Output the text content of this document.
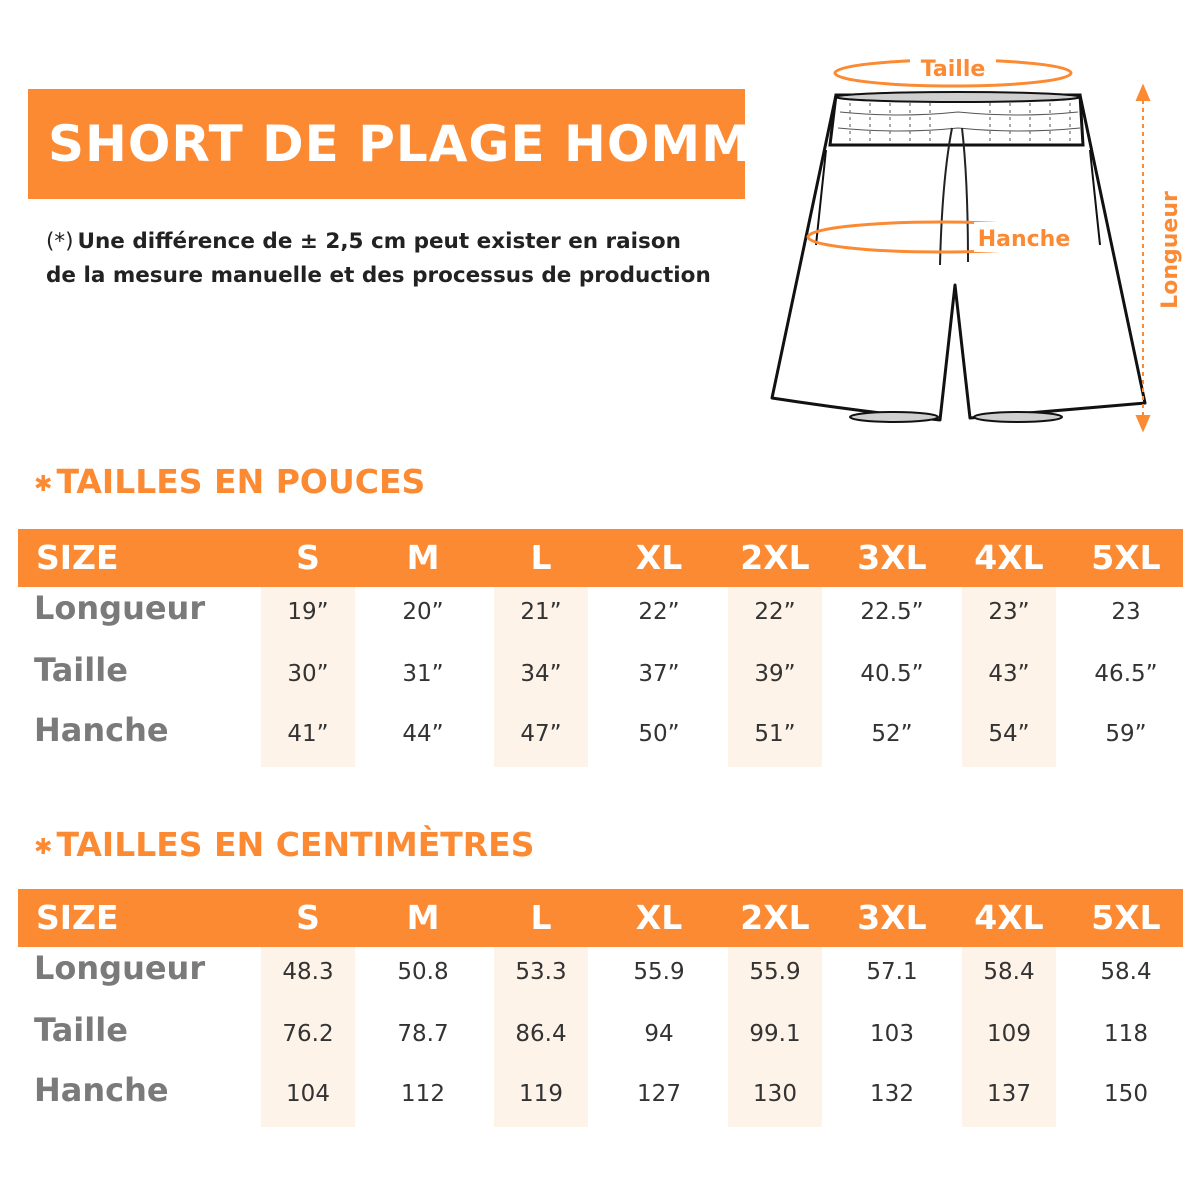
SHORT DE PLAGE HOMME
(*) Une différence de ± 2,5 cm peut exister en raison
de la mesure manuelle et des processus de production
Taille
Hanche	Longueur
✱ TAILLES EN POUCES
SIZE	S	M	L	XL	2XL	3XL	4XL	5XL
Longueur	19”	20”	21”	22”	22”	22.5”	23”	23
Taille	30”	31”	34”	37”	39”	40.5”	43”	46.5”
Hanche	41”	44”	47”	50”	51”	52”	54”	59”
✱ TAILLES EN CENTIMÈTRES
SIZE	S	M	L	XL	2XL	3XL	4XL	5XL
Longueur	48.3	50.8	53.3	55.9	55.9	57.1	58.4	58.4
Taille	76.2	78.7	86.4	94	99.1	103	109	118
Hanche	104	112	119	127	130	132	137	150
